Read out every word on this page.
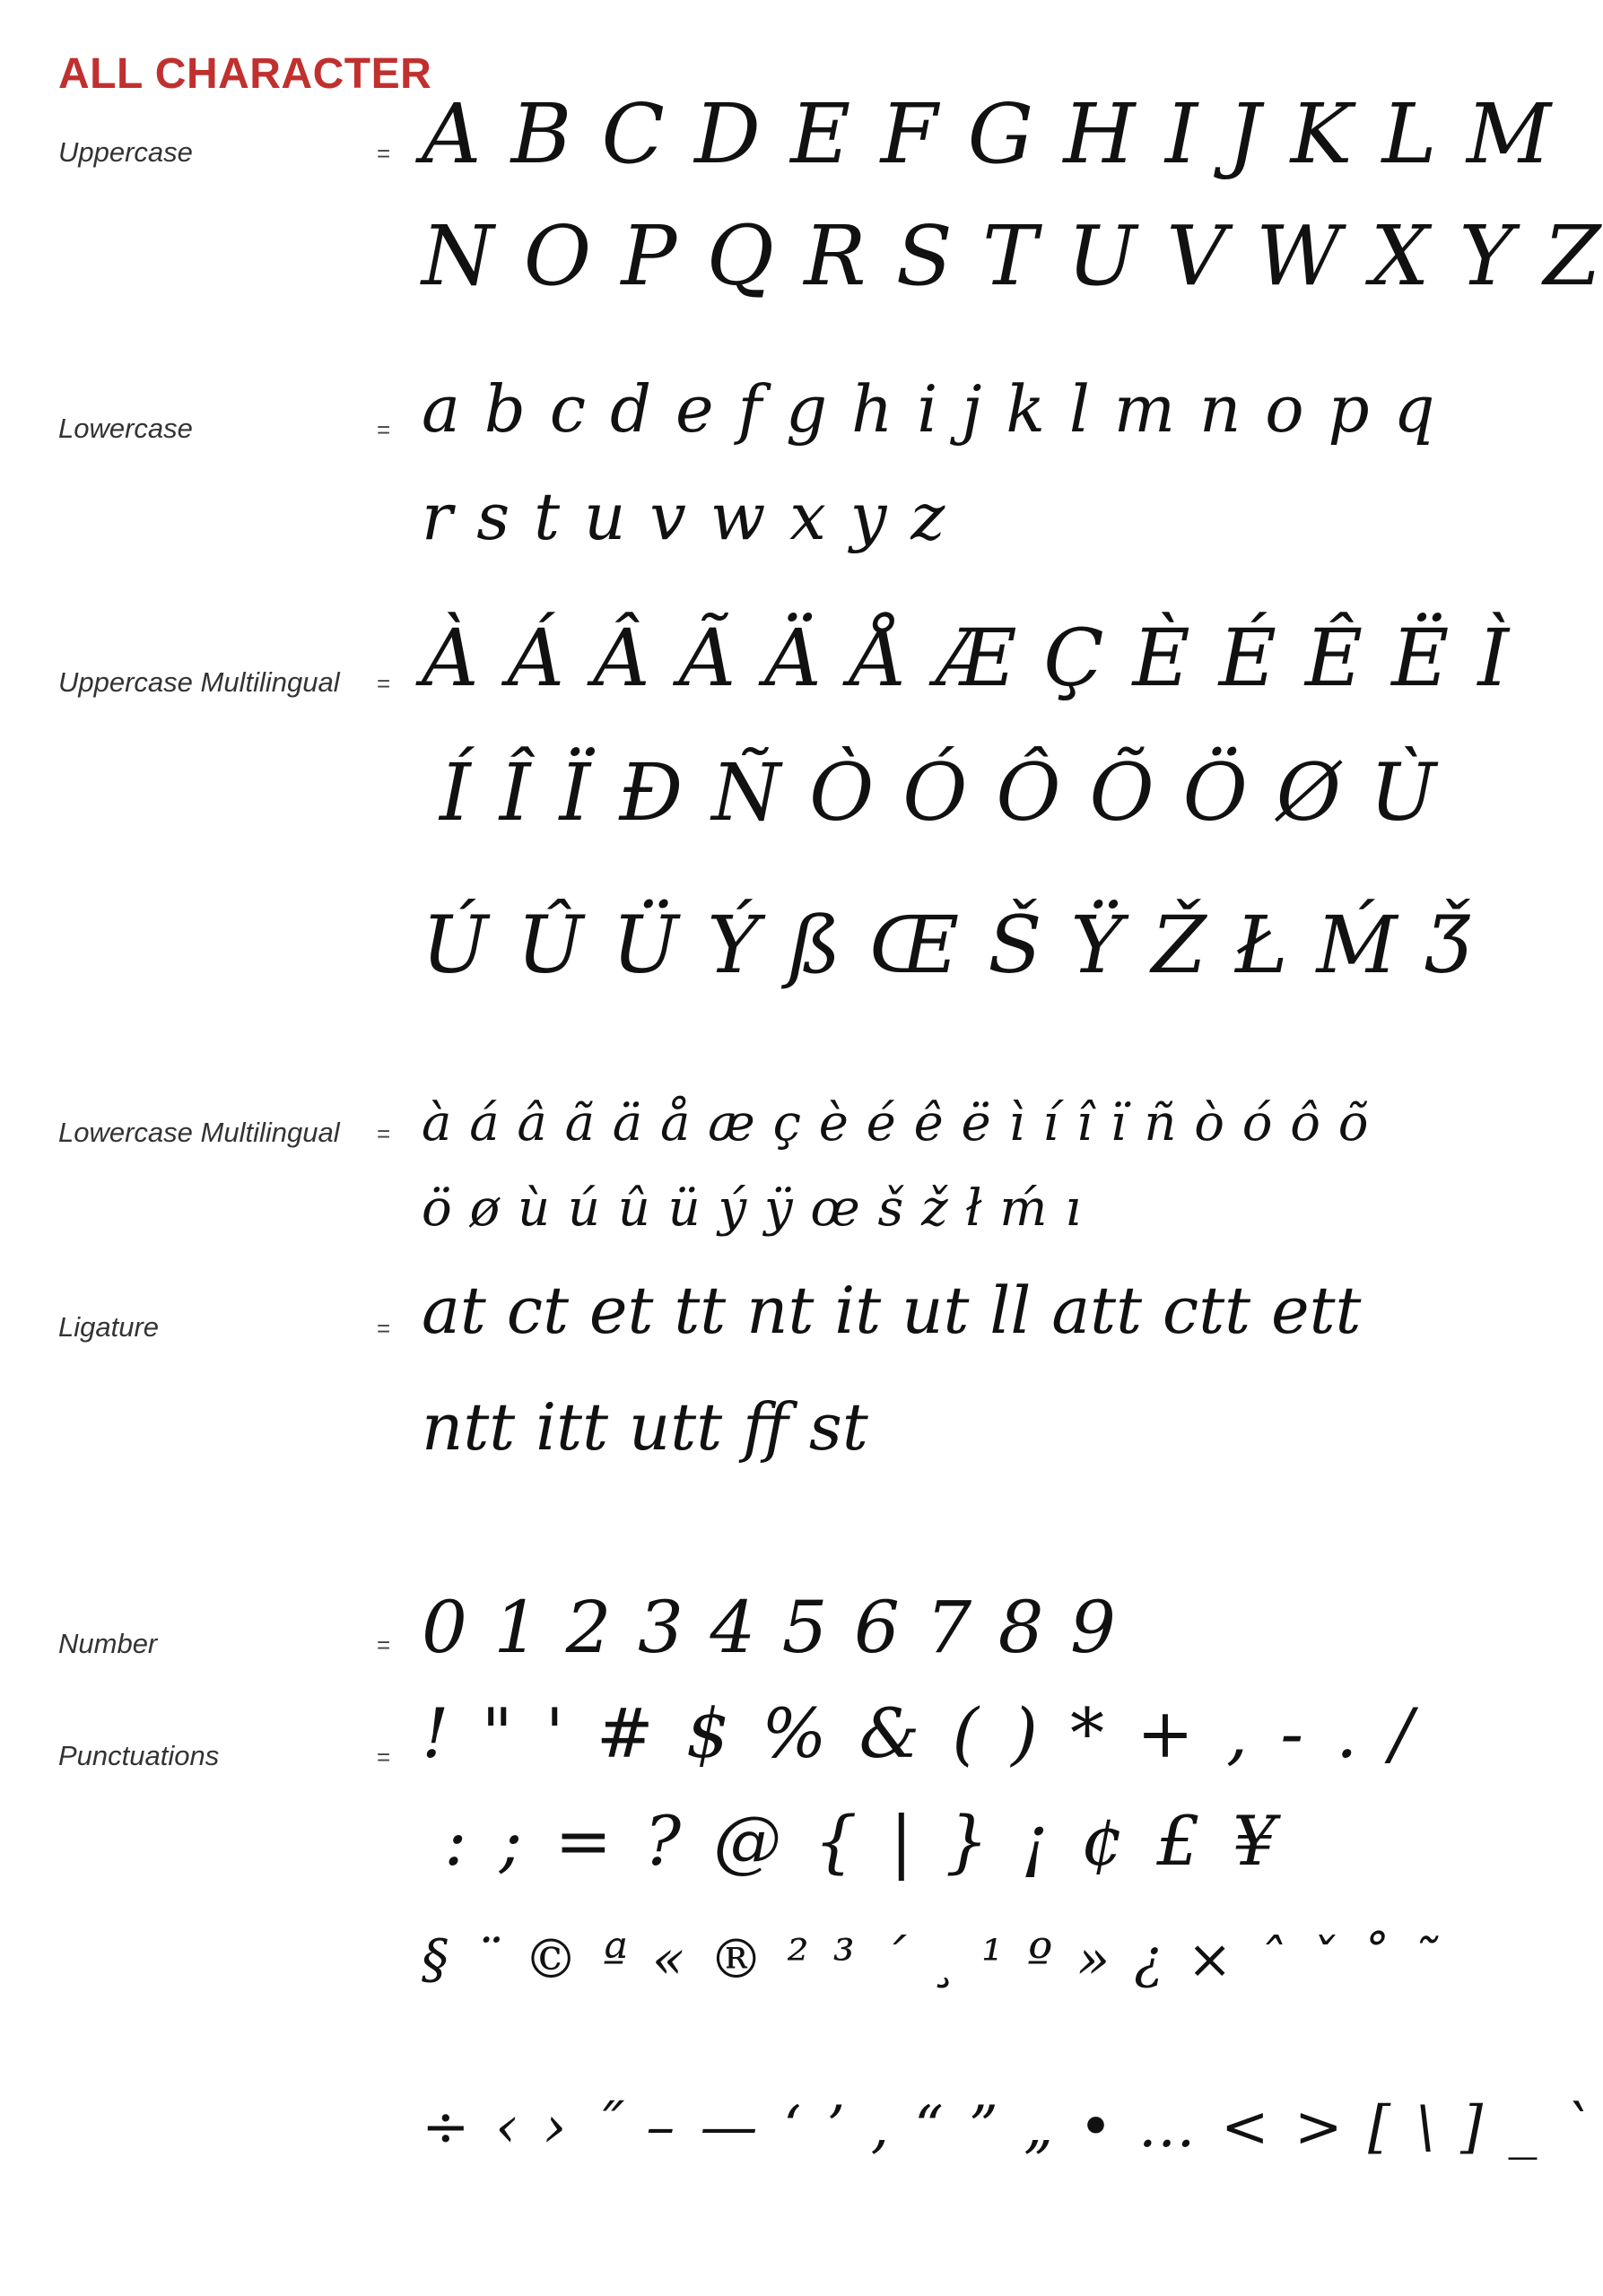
ALL CHARACTER
Uppercase	= A B C D E F G H I J K L M
N O P Q R S T U V W X Y Z
Lowercase	= a b c d e f g h i j k l m n o p q
r s t u v w x y z
Uppercase Multilingual = À Á Â Ã Ä Å Æ Ç È É Ê Ë Ì
Í Î Ï Ð Ñ Ò Ó Ô Õ Ö Ø Ù
Ú Û Ü Ý ß Œ Š Ÿ Ž Ł Ḿ Ǯ
Lowercase Multilingual = à á â ã ä å æ ç è é ê ë ì í î ï ñ ò ó ô õ
ö ø ù ú û ü ý ÿ œ š ž ł ḿ ı
Ligature	= at ct et tt nt it ut ll att ctt ett
ntt itt utt ff st
Number	= 0 1 2 3 4 5 6 7 8 9
Punctuations	= ! " ' # $ % & ( ) * + , - . /
: ; = ? @ { | } ¡ ¢ £ ¥
§ ¨ © ª « ® ² ³ ´ ¸ ¹ º » ¿ × ˆ ˇ ˚ ˜
÷ ‹ › ˝ – — ‘ ’ ‚ “ ” „ • … < > [ \ ] _ `
